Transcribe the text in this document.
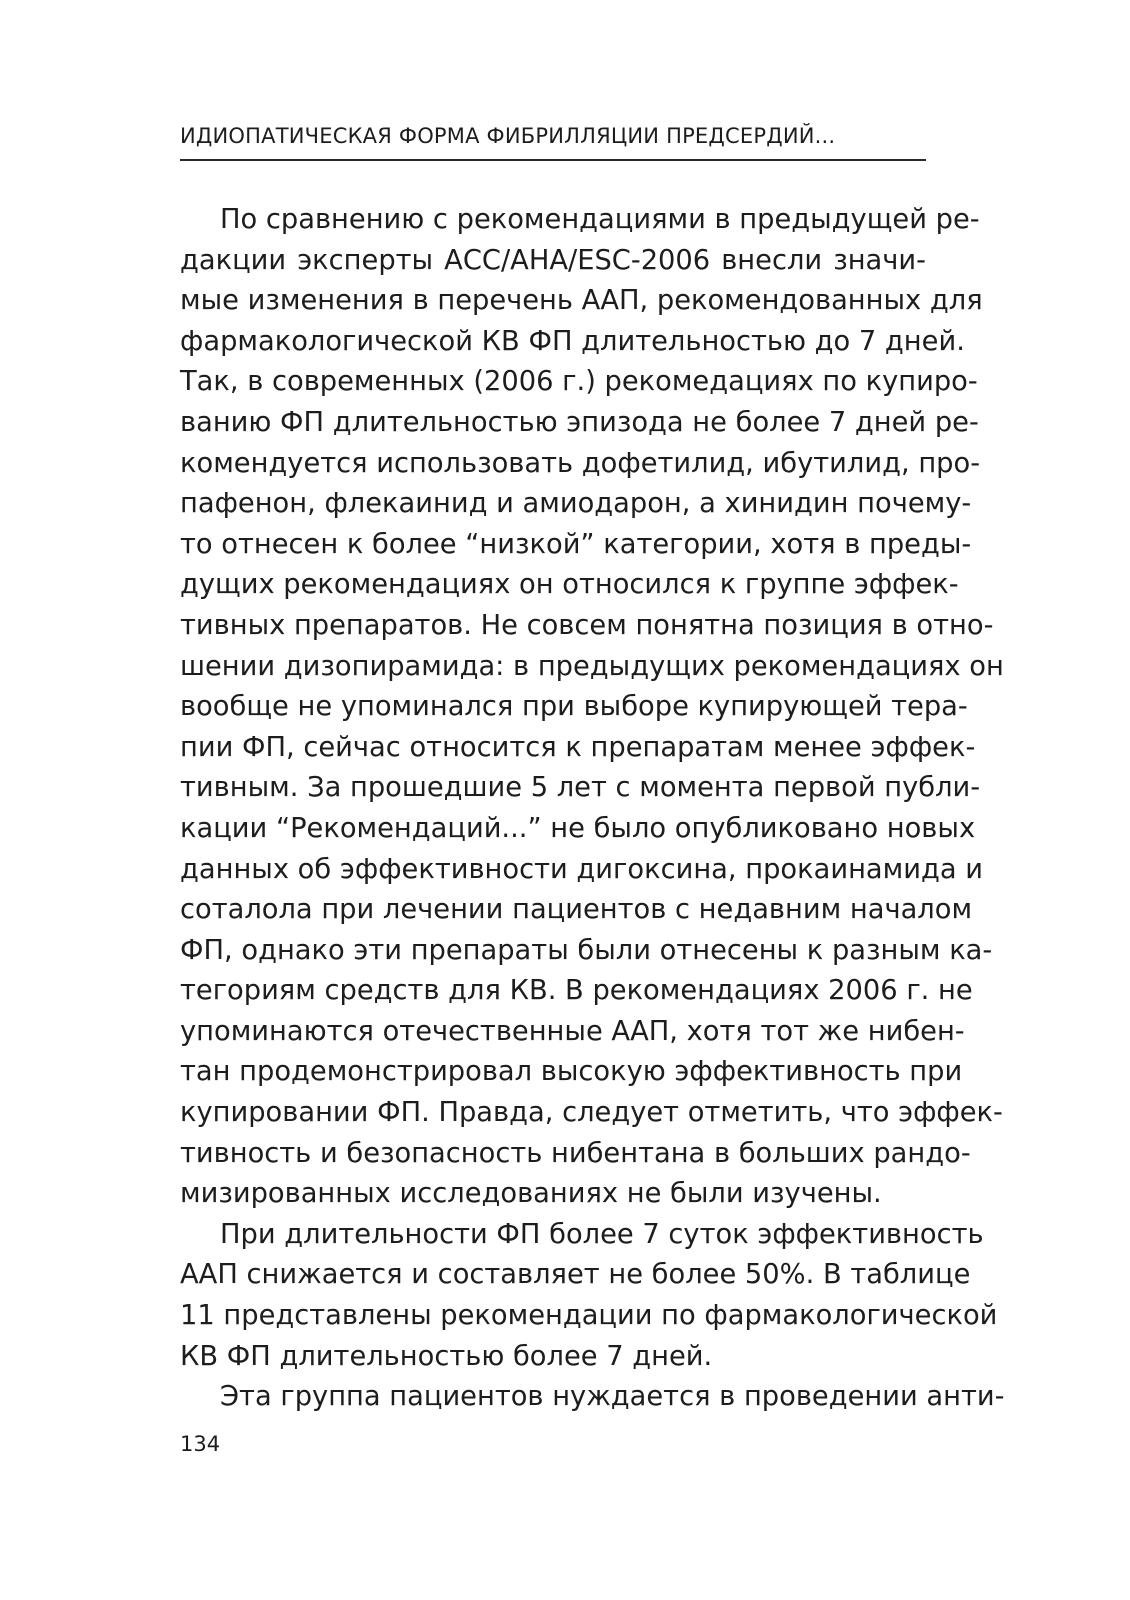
ИДИОПАТИЧЕСКАЯ ФОРМА ФИБРИЛЛЯЦИИ ПРЕДСЕРДИЙ...
По сравнению с рекомендациями в предыдущей ре-
дакции эксперты АСС/АНА/ESC-2006 внесли значи-
мые изменения в перечень ААП, рекомендованных для
фармакологической КВ ФП длительностью до 7 дней.
Так, в современных (2006 г.) рекомедациях по купиро-
ванию ФП длительностью эпизода не более 7 дней ре-
комендуется использовать дофетилид, ибутилид, про-
пафенон, флекаинид и амиодарон, а хинидин почему-
то отнесен к более “низкой” категории, хотя в преды-
дущих рекомендациях он относился к группе эффек-
тивных препаратов. Не совсем понятна позиция в отно-
шении дизопирамида: в предыдущих рекомендациях он
вообще не упоминался при выборе купирующей тера-
пии ФП, сейчас относится к препаратам менее эффек-
тивным. За прошедшие 5 лет с момента первой публи-
кации “Рекомендаций...” не было опубликовано новых
данных об эффективности дигоксина, прокаинамида и
соталола при лечении пациентов с недавним началом
ФП, однако эти препараты были отнесены к разным ка-
тегориям средств для КВ. В рекомендациях 2006 г. не
упоминаются отечественные ААП, хотя тот же нибен-
тан продемонстрировал высокую эффективность при
купировании ФП. Правда, следует отметить, что эффек-
тивность и безопасность нибентана в больших рандо-
мизированных исследованиях не были изучены.
При длительности ФП более 7 суток эффективность
ААП снижается и составляет не более 50%. В таблице
11 представлены рекомендации по фармакологической
КВ ФП длительностью более 7 дней.
Эта группа пациентов нуждается в проведении анти-
134
